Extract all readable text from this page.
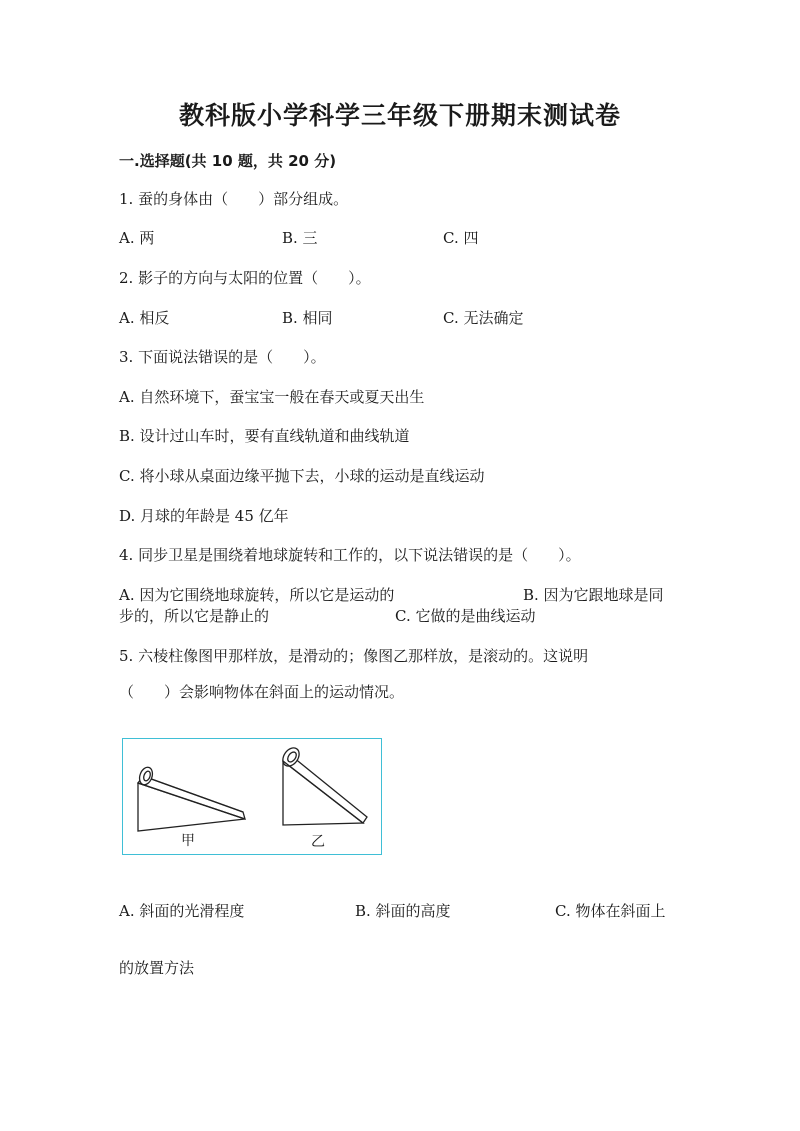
教科版小学科学三年级下册期末测试卷
一.选择题(共 10 题，共 20 分)
1. 蚕的身体由（　　）部分组成。
A. 两	B. 三	C. 四
2. 影子的方向与太阳的位置（　　）。
A. 相反	B. 相同	C. 无法确定
3. 下面说法错误的是（　　）。
A. 自然环境下，蚕宝宝一般在春天或夏天出生
B. 设计过山车时，要有直线轨道和曲线轨道
C. 将小球从桌面边缘平抛下去，小球的运动是直线运动
D. 月球的年龄是 45 亿年
4. 同步卫星是围绕着地球旋转和工作的，以下说法错误的是（　　）。
A. 因为它围绕地球旋转，所以它是运动的	B. 因为它跟地球是同
步的，所以它是静止的	C. 它做的是曲线运动
5. 六棱柱像图甲那样放，是滑动的；像图乙那样放，是滚动的。这说明
（　　）会影响物体在斜面上的运动情况。
甲	乙
A. 斜面的光滑程度	B. 斜面的高度	C. 物体在斜面上
的放置方法
